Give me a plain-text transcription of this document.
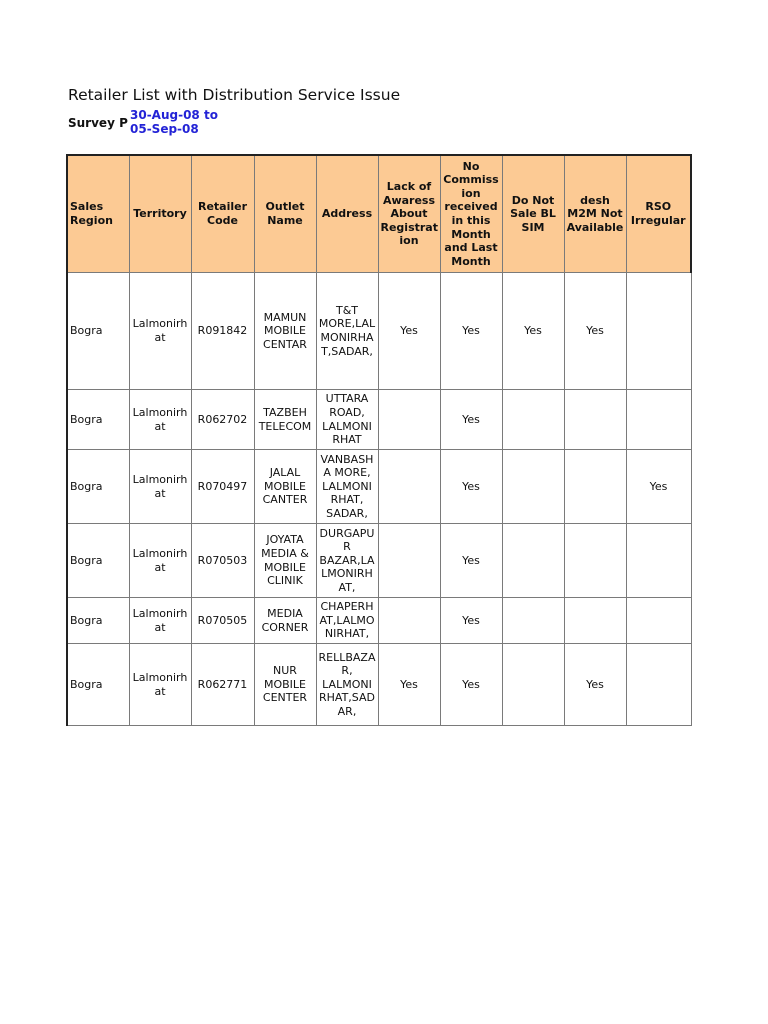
Retailer List with Distribution Service Issue
Survey P
30-Aug-08 to
05-Sep-08
Sales Region	Territory	Retailer Code	Outlet Name	Address	Lack of Awaress About Registrat ion	No Commiss ion received in this Month and Last Month	Do Not Sale BL SIM	desh M2M Not Available	RSO Irregular
Bogra	Lalmonirh at	R091842	MAMUN MOBILE CENTAR	T&T MORE,LAL MONIRHA T,SADAR,	Yes	Yes	Yes	Yes	
Bogra	Lalmonirh at	R062702	TAZBEH TELECOM	UTTARA ROAD, LALMONI RHAT		Yes			
Bogra	Lalmonirh at	R070497	JALAL MOBILE CANTER	VANBASH A MORE, LALMONI RHAT, SADAR,		Yes			Yes
Bogra	Lalmonirh at	R070503	JOYATA MEDIA & MOBILE CLINIK	DURGAPU R BAZAR,LA LMONIRH AT,		Yes			
Bogra	Lalmonirh at	R070505	MEDIA CORNER	CHAPERH AT,LALMO NIRHAT,		Yes			
Bogra	Lalmonirh at	R062771	NUR MOBILE CENTER	RELLBAZA R, LALMONI RHAT,SAD AR,	Yes	Yes		Yes	
